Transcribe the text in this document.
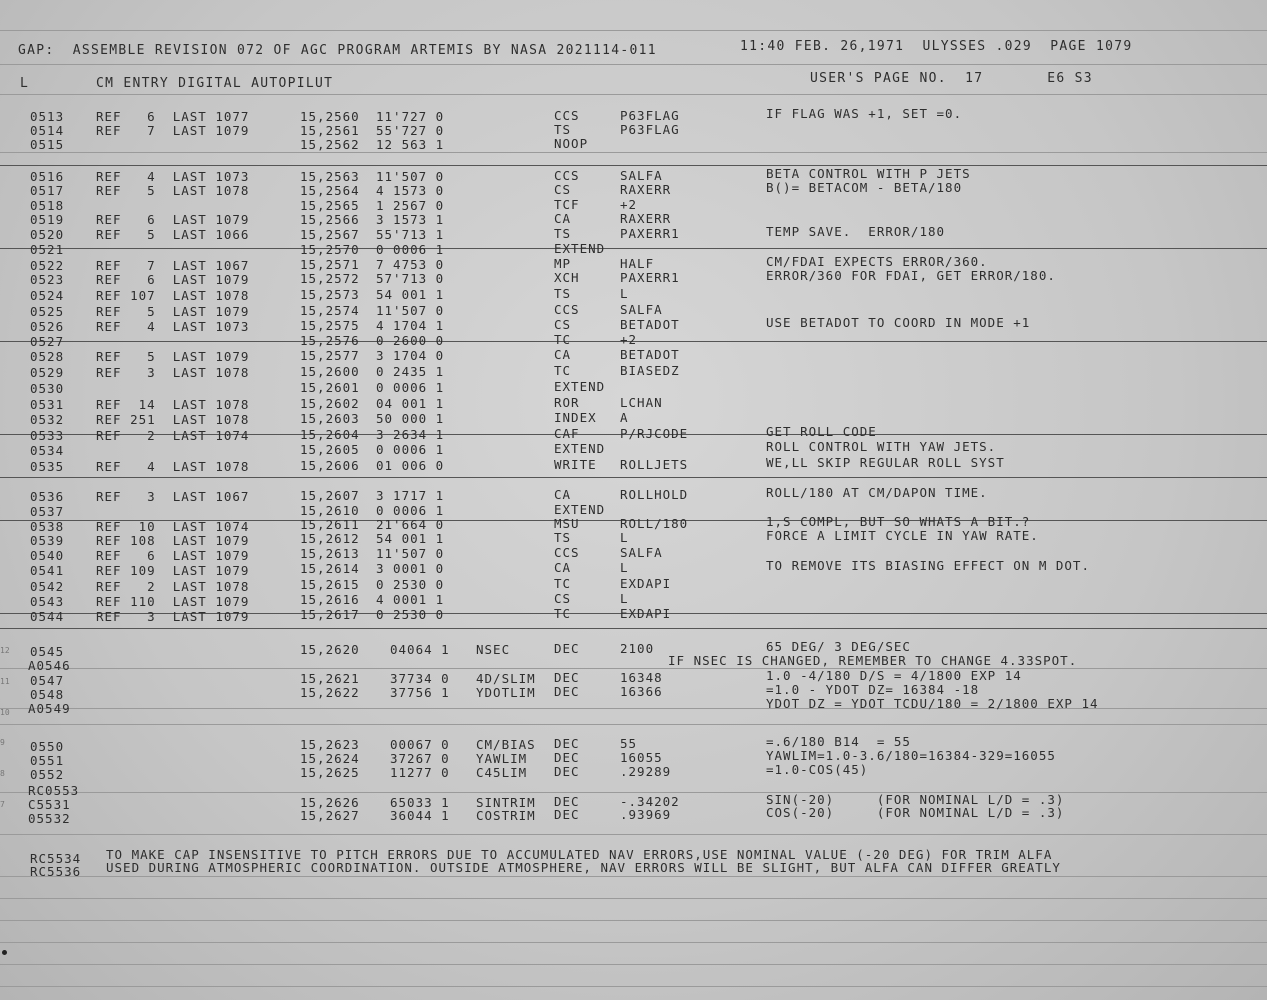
GAP:  ASSEMBLE REVISION 072 OF AGC PROGRAM ARTEMIS BY NASA 2021114-011	11:40 FEB. 26,1971  ULYSSES .029  PAGE 1079
L	CM ENTRY DIGITAL AUTOPILUT	USER'S PAGE NO.  17       E6 S3
0513	REF   6  LAST 1077	15,2560 11'727 0	CCS	P63FLAG	IF FLAG WAS +1, SET =0.
0514	REF   7  LAST 1079	15,2561 55'727 0	TS	P63FLAG
0515	15,2562 12 563 1	NOOP
0516	REF   4  LAST 1073	15,2563 11'507 0	CCS	SALFA	BETA CONTROL WITH P JETS
0517	REF   5  LAST 1078	15,2564 4 1573 0	CS	RAXERR	B()= BETACOM - BETA/180
0518	15,2565 1 2567 0	TCF	+2
0519	REF   6  LAST 1079	15,2566 3 1573 1	CA	RAXERR
0520	REF   5  LAST 1066	15,2567 55'713 1	TS	PAXERR1	TEMP SAVE.  ERROR/180
0521	15,2570 0 0006 1	EXTEND
0522	REF   7  LAST 1067	15,2571 7 4753 0	MP	HALF	CM/FDAI EXPECTS ERROR/360.
0523	REF   6  LAST 1079	15,2572 57'713 0	XCH	PAXERR1	ERROR/360 FOR FDAI, GET ERROR/180.
0524	REF 107  LAST 1078	15,2573 54 001 1	TS	L
0525	REF   5  LAST 1079	15,2574 11'507 0	CCS	SALFA
0526	REF   4  LAST 1073	15,2575 4 1704 1	CS	BETADOT	USE BETADOT TO COORD IN MODE +1
0527	15,2576 0 2600 0	TC	+2
0528	REF   5  LAST 1079	15,2577 3 1704 0	CA	BETADOT
0529	REF   3  LAST 1078	15,2600 0 2435 1	TC	BIASEDZ
0530	15,2601 0 0006 1	EXTEND
0531	REF  14  LAST 1078	15,2602 04 001 1	ROR	LCHAN
0532	REF 251  LAST 1078	15,2603 50 000 1	INDEX A
0533	REF   2  LAST 1074	15,2604 3 2634 1	CAF	P/RJCODE	GET ROLL CODE
0534	15,2605 0 0006 1	EXTEND	ROLL CONTROL WITH YAW JETS.
0535	REF   4  LAST 1078	15,2606 01 006 0	WRITE ROLLJETS	WE,LL SKIP REGULAR ROLL SYST
0536	REF   3  LAST 1067	15,2607 3 1717 1	CA	ROLLHOLD	ROLL/180 AT CM/DAPON TIME.
0537	15,2610 0 0006 1	EXTEND
0538	REF  10  LAST 1074	15,2611 21'664 0	MSU	ROLL/180	1,S COMPL, BUT SO WHATS A BIT.?
0539	REF 108  LAST 1079	15,2612 54 001 1	TS	L	FORCE A LIMIT CYCLE IN YAW RATE.
0540	REF   6  LAST 1079	15,2613 11'507 0	CCS	SALFA
0541	REF 109  LAST 1079	15,2614 3 0001 0	CA	L	TO REMOVE ITS BIASING EFFECT ON M DOT.
0542	REF   2  LAST 1078	15,2615 0 2530 0	TC	EXDAPI
0543	REF 110  LAST 1079	15,2616 4 0001 1	CS	L
0544	REF   3  LAST 1079	15,2617 0 2530 0	TC	EXDAPI
0545	15,2620 04064 1 NSEC	DEC	2100	65 DEG/ 3 DEG/SEC
A0546	IF NSEC IS CHANGED, REMEMBER TO CHANGE 4.33SPOT.
0547	15,2621 37734 0 4D/SLIM DEC	16348	1.0 -4/180 D/S = 4/1800 EXP 14
0548	15,2622 37756 1 YDOTLIM DEC	16366	=1.0 - YDOT DZ= 16384 -18
A0549	YDOT DZ = YDOT TCDU/180 = 2/1800 EXP 14
0550	15,2623 00067 0 CM/BIAS DEC	55	=.6/180 B14  = 55
0551	15,2624 37267 0 YAWLIM DEC	16055	YAWLIM=1.0-3.6/180=16384-329=16055
0552	15,2625 11277 0 C45LIM DEC	.29289	=1.0-COS(45)
RC0553
C5531	15,2626 65033 1 SINTRIM DEC	-.34202	SIN(-20)     (FOR NOMINAL L/D = .3)
05532	15,2627 36044 1 COSTRIM DEC	.93969	COS(-20)     (FOR NOMINAL L/D = .3)
RC5534 TO MAKE CAP INSENSITIVE TO PITCH ERRORS DUE TO ACCUMULATED NAV ERRORS,USE NOMINAL VALUE (-20 DEG) FOR TRIM ALFA
RC5536 USED DURING ATMOSPHERIC COORDINATION. OUTSIDE ATMOSPHERE, NAV ERRORS WILL BE SLIGHT, BUT ALFA CAN DIFFER GREATLY
12
11
10
9
8
7
